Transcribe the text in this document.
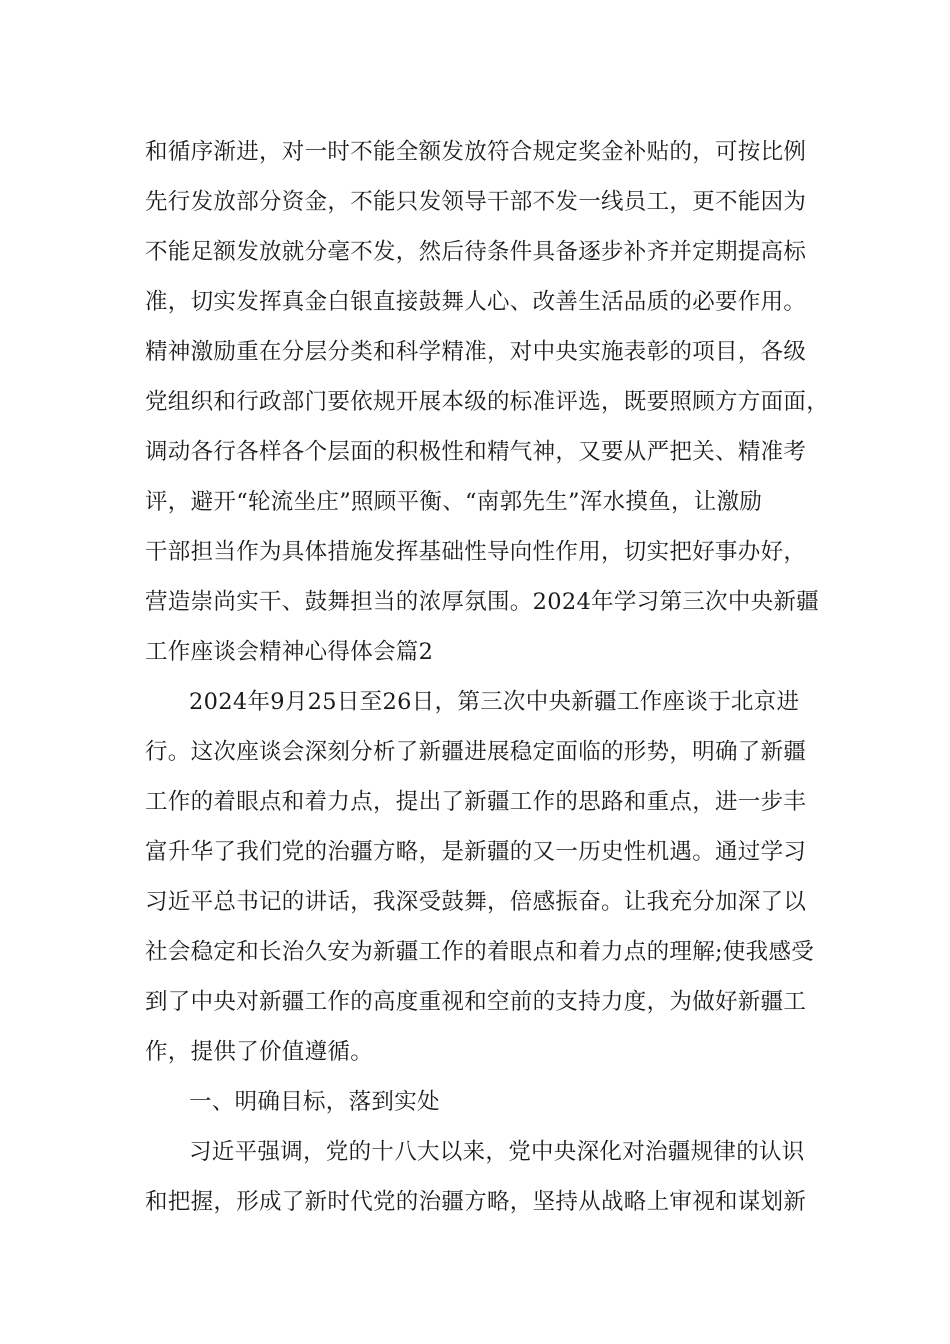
和循序渐进，对一时不能全额发放符合规定奖金补贴的，可按比例
先行发放部分资金，不能只发领导干部不发一线员工，更不能因为
不能足额发放就分毫不发，然后待条件具备逐步补齐并定期提高标
准，切实发挥真金白银直接鼓舞人心、改善生活品质的必要作用。
精神激励重在分层分类和科学精准，对中央实施表彰的项目，各级
党组织和行政部门要依规开展本级的标准评选，既要照顾方方面面，
调动各行各样各个层面的积极性和精气神，又要从严把关、精准考
评，避开“轮流坐庄”照顾平衡、“南郭先生”浑水摸鱼，让激励
干部担当作为具体措施发挥基础性导向性作用，切实把好事办好，
营造崇尚实干、鼓舞担当的浓厚氛围。2024年学习第三次中央新疆
工作座谈会精神心得体会篇2
2024年9月25日至26日，第三次中央新疆工作座谈于北京进
行。这次座谈会深刻分析了新疆进展稳定面临的形势，明确了新疆
工作的着眼点和着力点，提出了新疆工作的思路和重点，进一步丰
富升华了我们党的治疆方略，是新疆的又一历史性机遇。通过学习
习近平总书记的讲话，我深受鼓舞，倍感振奋。让我充分加深了以
社会稳定和长治久安为新疆工作的着眼点和着力点的理解;使我感受
到了中央对新疆工作的高度重视和空前的支持力度，为做好新疆工
作，提供了价值遵循。
一、明确目标，落到实处
习近平强调，党的十八大以来，党中央深化对治疆规律的认识
和把握，形成了新时代党的治疆方略，坚持从战略上审视和谋划新
